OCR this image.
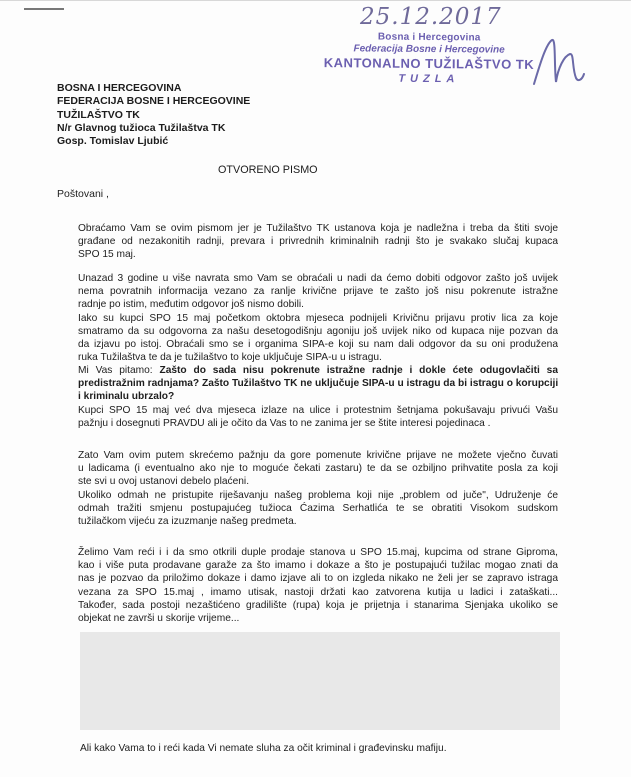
25.12.2017
Bosna i Hercegovina
Federacija Bosne i Hercegovine
KANTONALNO TUŽILAŠTVO TK
TUZLA
BOSNA I HERCEGOVINA
FEDERACIJA BOSNE I HERCEGOVINE
TUŽILAŠTVO TK
N/r Glavnog tužioca Tužilaštva TK
Gosp. Tomislav Ljubić
OTVORENO PISMO
Poštovani ,
Obraćamo Vam se ovim pismom jer je Tužilaštvo TK ustanova koja je nadležna i treba da štiti svoje
građane od nezakonitih radnji, prevara i privrednih kriminalnih radnji što je svakako slučaj kupaca
SPO 15 maj.
Unazad 3 godine u više navrata smo Vam se obraćali u nadi da ćemo dobiti odgovor zašto još uvijek
nema povratnih informacija vezano za ranlje krivične prijave te zašto još nisu pokrenute istražne
radnje po istim, međutim odgovor još nismo dobili.
Iako su kupci SPO 15 maj početkom oktobra mjeseca podnijeli Krivičnu prijavu protiv lica za koje
smatramo da su odgovorna za našu desetogodišnju agoniju još uvijek niko od kupaca nije pozvan da
da izjavu po istoj. Obraćali smo se i organima SIPA-e koji su nam dali odgovor da su oni produžena
ruka Tužilaštva te da je tužilaštvo to koje uključuje SIPA-u u istragu.
Mi Vas pitamo: Zašto do sada nisu pokrenute istražne radnje i dokle ćete odugovlačiti sa
predistražnim radnjama? Zašto Tužilaštvo TK ne uključuje SIPA-u u istragu da bi istragu o korupciji
i kriminalu ubrzalo?
Kupci SPO 15 maj već dva mjeseca izlaze na ulice i protestnim šetnjama pokušavaju privući Vašu
pažnju i dosegnuti PRAVDU ali je očito da Vas to ne zanima jer se štite interesi pojedinaca .
Zato Vam ovim putem skrećemo pažnju da gore pomenute krivične prijave ne možete vječno čuvati
u ladicama (i eventualno ako nje to moguće čekati zastaru) te da se ozbiljno prihvatite posla za koji
ste svi u ovoj ustanovi debelo plaćeni.
Ukoliko odmah ne pristupite riješavanju našeg problema koji nije „problem od juče", Udruženje će
odmah tražiti smjenu postupajućeg tužioca Ćazima Serhatlića te se obratiti Visokom sudskom
tužilačkom vijeću za izuzmanje našeg predmeta.
Želimo Vam reći i i da smo otkrili duple prodaje stanova u SPO 15.maj, kupcima od strane Giproma,
kao i više puta prodavane garaže za što imamo i dokaze a što je postupajući tužilac mogao znati da
nas je pozvao da priložimo dokaze i damo izjave ali to on izgleda nikako ne želi jer se zapravo istraga
vezana za SPO 15.maj , imamo utisak, nastoji držati kao zatvorena kutija u ladici i zataškati...
Također, sada postoji nezaštićeno gradilište (rupa) koja je prijetnja i stanarima Sjenjaka ukoliko se
objekat ne završi u skorije vrijeme...
Ali kako Vama to i reći kada Vi nemate sluha za očit kriminal i građevinsku mafiju.
